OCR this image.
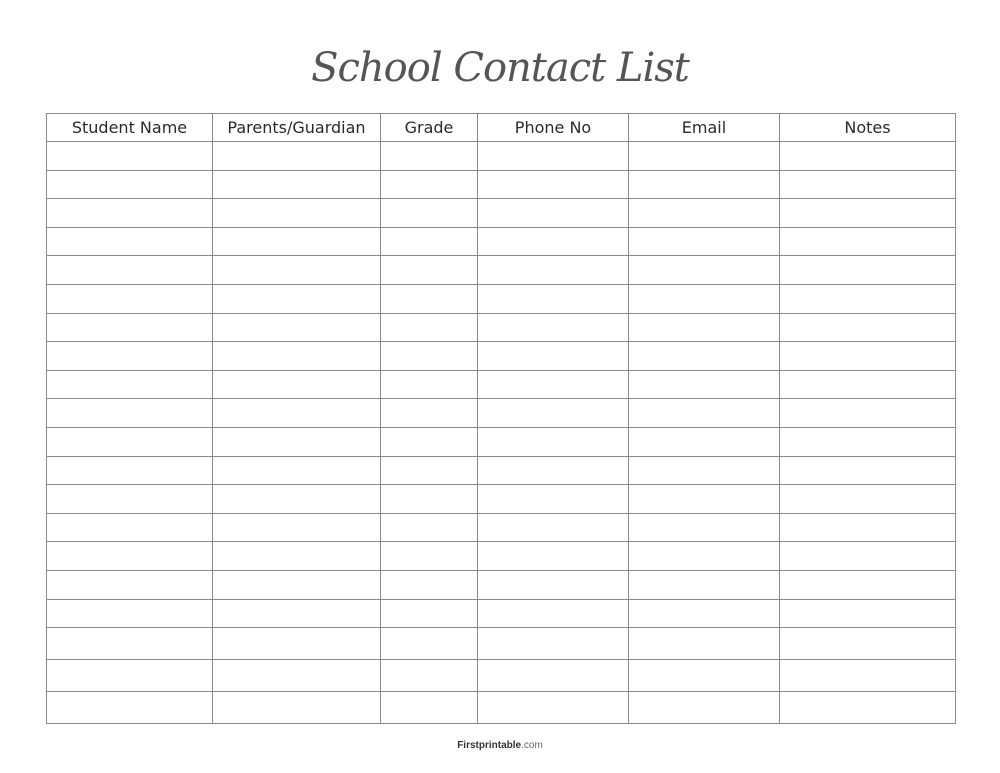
School Contact List
Student Name	Parents/Guardian	Grade	Phone No	Email	Notes

Firstprintable.com
